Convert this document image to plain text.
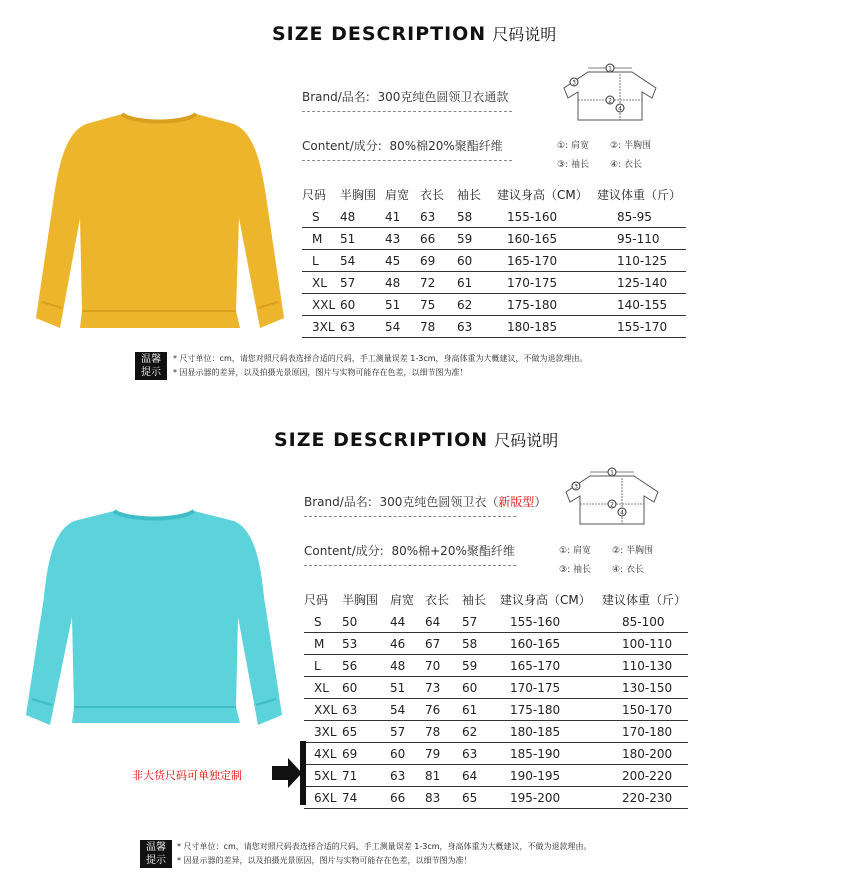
SIZE DESCRIPTION 尺码说明
Brand/品名: 300克纯色圆领卫衣通款
Content/成分: 80%棉20%聚酯纤维
1
2
3
4
①: 肩宽 ②: 半胸围
③: 袖长 ④: 衣长
尺码	半胸围	肩宽	衣长	袖长	建议身高（CM）	建议体重（斤）
S	48	41	63	58	155-160	85-95
M	51	43	66	59	160-165	95-110
L	54	45	69	60	165-170	110-125
XL	57	48	72	61	170-175	125-140
XXL	60	51	75	62	175-180	140-155
3XL	63	54	78	63	180-185	155-170
温馨
提示
* 尺寸单位：cm，请您对照尺码表选择合适的尺码，手工测量误差 1-3cm，身高体重为大概建议，不做为退款理由。
* 因显示器的差异，以及拍摄光景原因，图片与实物可能存在色差，以细节图为准！
SIZE DESCRIPTION 尺码说明
Brand/品名: 300克纯色圆领卫衣（新版型）
Content/成分: 80%棉+20%聚酯纤维
1
2
3
4
①: 肩宽 ②: 半胸围
③: 袖长 ④: 衣长
尺码	半胸围	肩宽	衣长	袖长	建议身高（CM）	建议体重（斤）
S	50	44	64	57	155-160	85-100
M	53	46	67	58	160-165	100-110
L	56	48	70	59	165-170	110-130
XL	60	51	73	60	170-175	130-150
XXL	63	54	76	61	175-180	150-170
3XL	65	57	78	62	180-185	170-180
4XL	69	60	79	63	185-190	180-200
5XL	71	63	81	64	190-195	200-220
6XL	74	66	83	65	195-200	220-230
非大货尺码可单独定制
温馨
提示
* 尺寸单位：cm，请您对照尺码表选择合适的尺码，手工测量误差 1-3cm，身高体重为大概建议，不做为退款理由。
* 因显示器的差异，以及拍摄光景原因，图片与实物可能存在色差，以细节图为准！
